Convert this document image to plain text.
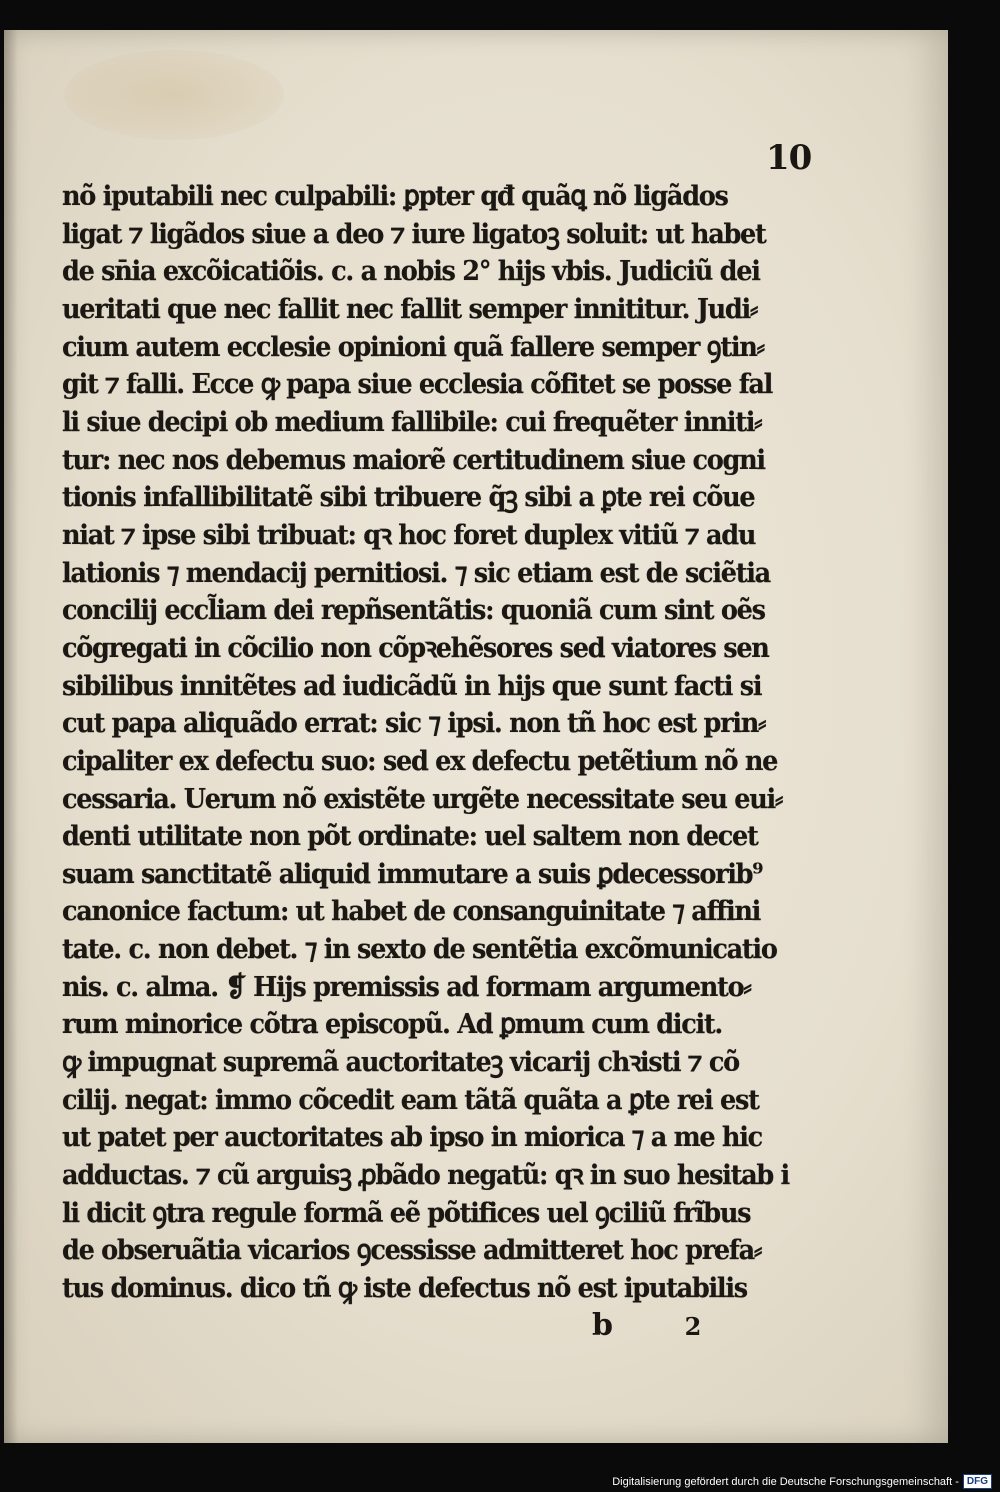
10
nõ iputabili nec culpabili: ꝑpter qđ quãꝗ nõ ligãdos
ligat ⁊ ligãdos siue a deo ⁊ iure ligatoꝫ soluit: ut habet
de sn̄ia excõicatiõis. c. a nobis 2° hijs vbis. Judiciũ dei
ueritati que nec fallit nec fallit semper innititur. Judi⸗
cium autem ecclesie opinioni quã fallere semper ꝯtin⸗
git ⁊ falli. Ecce ꝙ papa siue ecclesia cõfitet se posse fal
li siue decipi ob medium fallibile: cui frequẽter inniti⸗
tur: nec nos debemus maiorẽ certitudinem siue cogni
tionis infallibilitatẽ sibi tribuere q̃ꝫ sibi a ꝑte rei cõue
niat ⁊ ipse sibi tribuat: qꝛ hoc foret duplex vitiũ ⁊ adu
lationis ⁊ mendacij pernitiosi. ⁊ sic etiam est de sciẽtia
concilij eccl̃iam dei repñsentãtis: quoniã cum sint oẽs
cõgregati in cõcilio non cõpꝛehẽsores sed viatores sen
sibilibus innitẽtes ad iudicãdũ in hijs que sunt facti si
cut papa aliquãdo errat: sic ⁊ ipsi. non tñ hoc est prin⸗
cipaliter ex defectu suo: sed ex defectu petẽtium nõ ne
cessaria. Uerum nõ existẽte urgẽte necessitate seu eui⸗
denti utilitate non põt ordinate: uel saltem non decet
suam sanctitatẽ aliquid immutare a suis ꝑdecessorib⁹
canonice factum: ut habet de consanguinitate ⁊ affini
tate. c. non debet. ⁊ in sexto de sentẽtia excõmunicatio
nis. c. alma. ❡ Hijs premissis ad formam argumento⸗
rum minorice cõtra episcopũ. Ad ꝑmum cum dicit.
ꝙ impugnat supremã auctoritateꝫ vicarij chꝛisti ⁊ cõ
cilij. negat: immo cõcedit eam tãtã quãta a ꝑte rei est
ut patet per auctoritates ab ipso in miorica ⁊ a me hic
adductas. ⁊ cũ arguisꝫ ꝓbãdo negatũ: qꝛ in suo hesitab i
li dicit ꝯtra regule formã eẽ põtifices uel ꝯciliũ frĩbus
de obseruãtia vicarios ꝯcessisse admitteret hoc prefa⸗
tus dominus. dico tñ ꝙ iste defectus nõ est iputabilis
b	2
Digitalisierung gefördert durch die Deutsche Forschungsgemeinschaft - DFG
